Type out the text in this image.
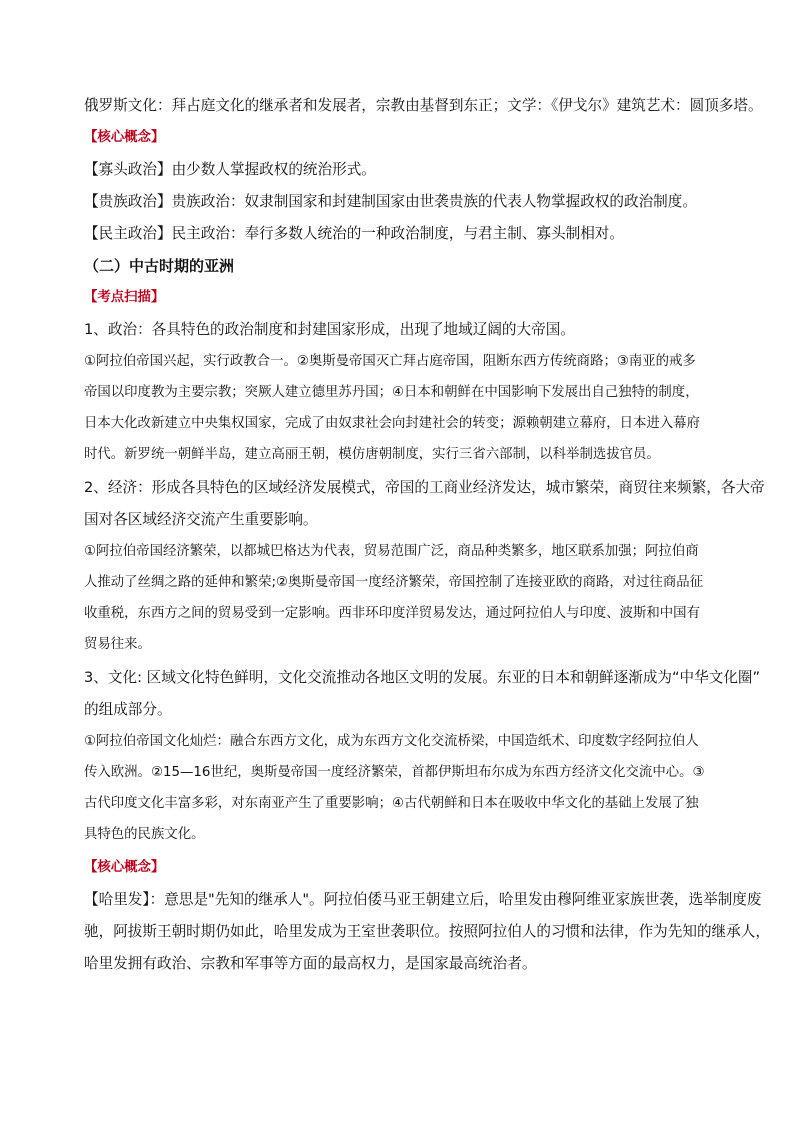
俄罗斯文化：拜占庭文化的继承者和发展者，宗教由基督到东正；文学：《伊戈尔》建筑艺术：圆顶多塔。
【核心概念】
【寡头政治】由少数人掌握政权的统治形式。
【贵族政治】贵族政治：奴隶制国家和封建制国家由世袭贵族的代表人物掌握政权的政治制度。
【民主政治】民主政治：奉行多数人统治的一种政治制度，与君主制、寡头制相对。
（二）中古时期的亚洲
【考点扫描】
1、政治：各具特色的政治制度和封建国家形成，出现了地域辽阔的大帝国。
①阿拉伯帝国兴起，实行政教合一。②奥斯曼帝国灭亡拜占庭帝国，阻断东西方传统商路；③南亚的戒多
帝国以印度教为主要宗教；突厥人建立德里苏丹国；④日本和朝鲜在中国影响下发展出自己独特的制度，
日本大化改新建立中央集权国家，完成了由奴隶社会向封建社会的转变；源赖朝建立幕府，日本进入幕府
时代。新罗统一朝鲜半岛，建立高丽王朝，模仿唐朝制度，实行三省六部制，以科举制选拔官员。
2、经济：形成各具特色的区域经济发展模式，帝国的工商业经济发达，城市繁荣，商贸往来频繁，各大帝
国对各区域经济交流产生重要影响。
①阿拉伯帝国经济繁荣，以都城巴格达为代表，贸易范围广泛，商品种类繁多，地区联系加强；阿拉伯商
人推动了丝绸之路的延伸和繁荣;②奥斯曼帝国一度经济繁荣，帝国控制了连接亚欧的商路，对过往商品征
收重税，东西方之间的贸易受到一定影响。西非环印度洋贸易发达，通过阿拉伯人与印度、波斯和中国有
贸易往来。
3、文化: 区域文化特色鲜明，文化交流推动各地区文明的发展。东亚的日本和朝鲜逐渐成为“中华文化圈”
的组成部分。
①阿拉伯帝国文化灿烂：融合东西方文化，成为东西方文化交流桥梁，中国造纸术、印度数字经阿拉伯人
传入欧洲。②15—16世纪，奥斯曼帝国一度经济繁荣，首都伊斯坦布尔成为东西方经济文化交流中心。③
古代印度文化丰富多彩，对东南亚产生了重要影响；④古代朝鲜和日本在吸收中华文化的基础上发展了独
具特色的民族文化。
【核心概念】
【哈里发】：意思是"先知的继承人"。阿拉伯倭马亚王朝建立后，哈里发由穆阿维亚家族世袭，选举制度废
驰，阿拔斯王朝时期仍如此，哈里发成为王室世袭职位。按照阿拉伯人的习惯和法律，作为先知的继承人，
哈里发拥有政治、宗教和军事等方面的最高权力，是国家最高统治者。
